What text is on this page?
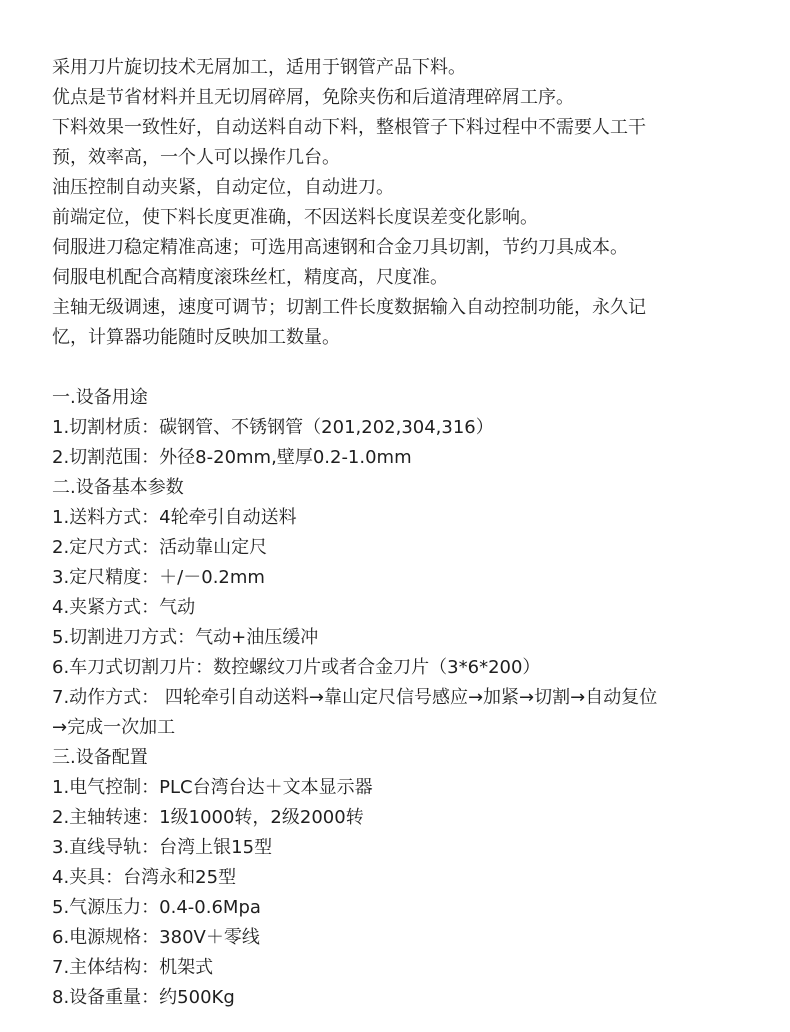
采用刀片旋切技术无屑加工，适用于钢管产品下料。
优点是节省材料并且无切屑碎屑，免除夹伤和后道清理碎屑工序。
下料效果一致性好，自动送料自动下料，整根管子下料过程中不需要人工干
预，效率高，一个人可以操作几台。
油压控制自动夹紧，自动定位，自动进刀。
前端定位，使下料长度更准确，不因送料长度误差变化影响。
伺服进刀稳定精准高速；可选用高速钢和合金刀具切割，节约刀具成本。
伺服电机配合高精度滚珠丝杠，精度高，尺度准。
主轴无级调速，速度可调节；切割工件长度数据输入自动控制功能，永久记
忆，计算器功能随时反映加工数量。
一.设备用途
1.切割材质：碳钢管、不锈钢管（201,202,304,316）
2.切割范围：外径8-20mm,壁厚0.2-1.0mm
二.设备基本参数
1.送料方式：4轮牵引自动送料
2.定尺方式：活动靠山定尺
3.定尺精度：＋/－0.2mm
4.夹紧方式：气动
5.切割进刀方式：气动+油压缓冲
6.车刀式切割刀片：数控螺纹刀片或者合金刀片（3*6*200）
7.动作方式： 四轮牵引自动送料→靠山定尺信号感应→加紧→切割→自动复位
→完成一次加工
三.设备配置
1.电气控制：PLC台湾台达＋文本显示器
2.主轴转速：1级1000转，2级2000转
3.直线导轨：台湾上银15型
4.夹具：台湾永和25型
5.气源压力：0.4-0.6Mpa
6.电源规格：380V＋零线
7.主体结构：机架式
8.设备重量：约500Kg
